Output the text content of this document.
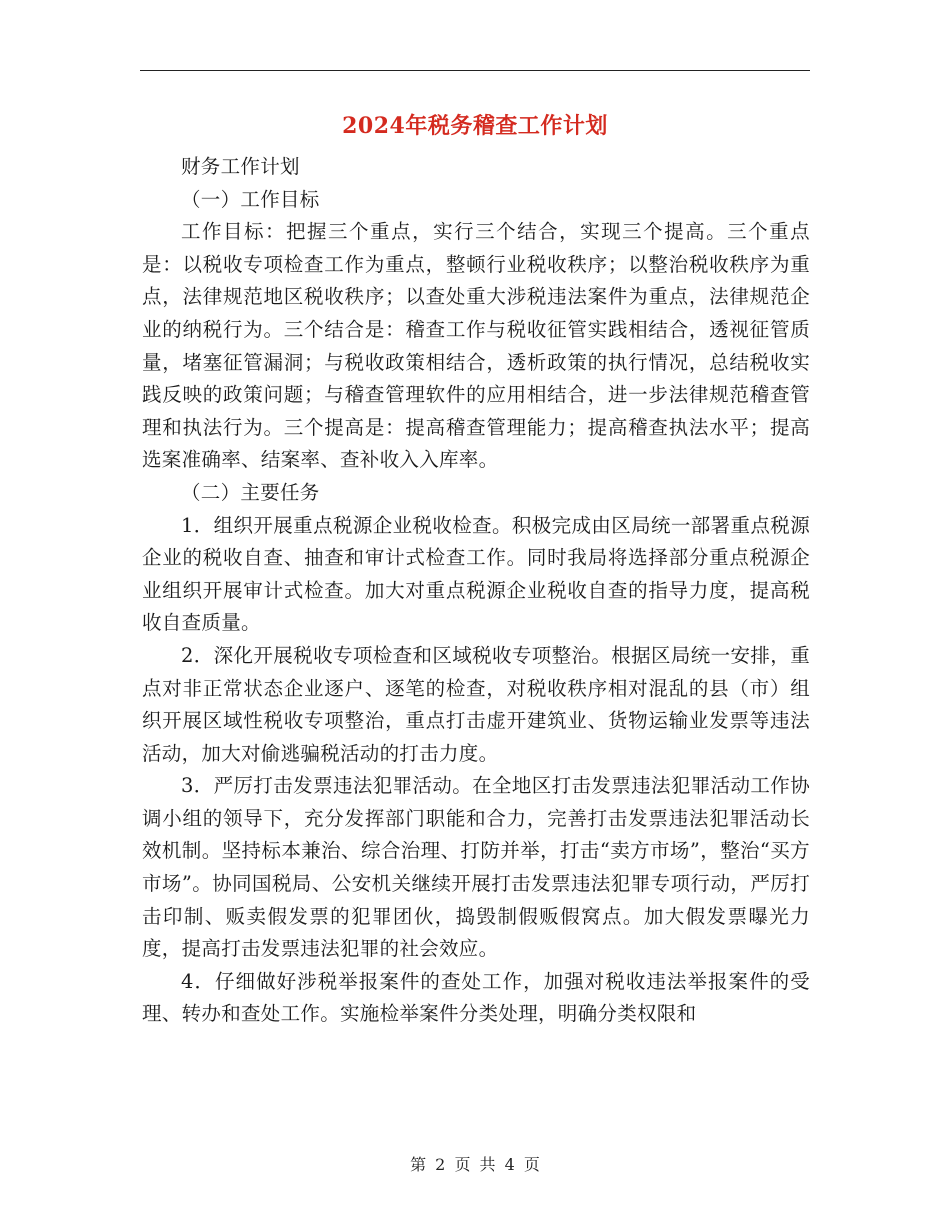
2024年税务稽查工作计划

财务工作计划

（一）工作目标

工作目标：把握三个重点，实行三个结合，实现三个提高。三个重点是：以税收专项检查工作为重点，整顿行业税收秩序；以整治税收秩序为重点，法律规范地区税收秩序；以查处重大涉税违法案件为重点，法律规范企业的纳税行为。三个结合是：稽查工作与税收征管实践相结合，透视征管质量，堵塞征管漏洞；与税收政策相结合，透析政策的执行情况，总结税收实践反映的政策问题；与稽查管理软件的应用相结合，进一步法律规范稽查管理和执法行为。三个提高是：提高稽查管理能力；提高稽查执法水平；提高选案准确率、结案率、查补收入入库率。

（二）主要任务

1．组织开展重点税源企业税收检查。积极完成由区局统一部署重点税源企业的税收自查、抽查和审计式检查工作。同时我局将选择部分重点税源企业组织开展审计式检查。加大对重点税源企业税收自查的指导力度，提高税收自查质量。

2．深化开展税收专项检查和区域税收专项整治。根据区局统一安排，重点对非正常状态企业逐户、逐笔的检查，对税收秩序相对混乱的县（市）组织开展区域性税收专项整治，重点打击虚开建筑业、货物运输业发票等违法活动，加大对偷逃骗税活动的打击力度。

3．严厉打击发票违法犯罪活动。在全地区打击发票违法犯罪活动工作协调小组的领导下，充分发挥部门职能和合力，完善打击发票违法犯罪活动长效机制。坚持标本兼治、综合治理、打防并举，打击“卖方市场”，整治“买方市场”。协同国税局、公安机关继续开展打击发票违法犯罪专项行动，严厉打击印制、贩卖假发票的犯罪团伙，捣毁制假贩假窝点。加大假发票曝光力度，提高打击发票违法犯罪的社会效应。

4．仔细做好涉税举报案件的查处工作，加强对税收违法举报案件的受理、转办和查处工作。实施检举案件分类处理，明确分类权限和

第 2 页 共 4 页
